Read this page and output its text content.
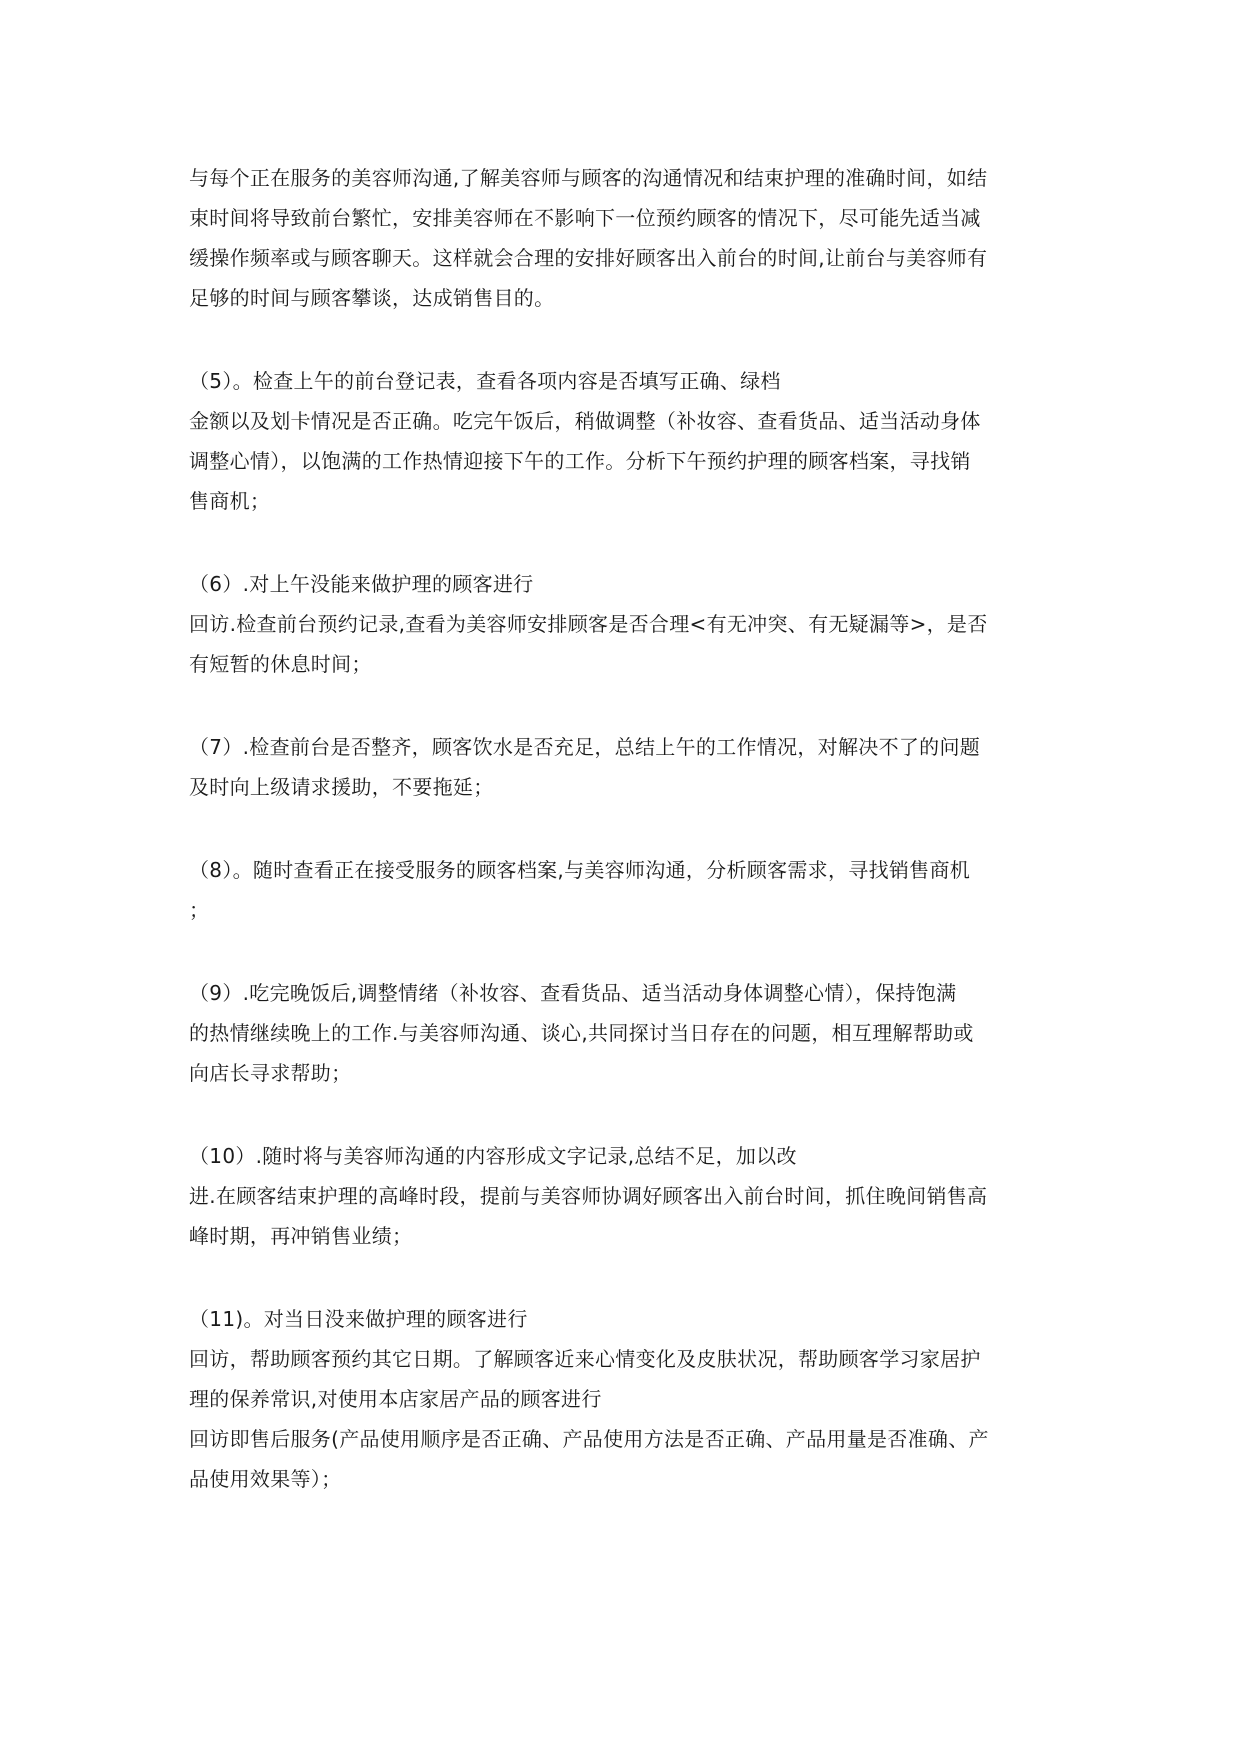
与每个正在服务的美容师沟通,了解美容师与顾客的沟通情况和结束护理的准确时间，如结
束时间将导致前台繁忙，安排美容师在不影响下一位预约顾客的情况下，尽可能先适当减
缓操作频率或与顾客聊天。这样就会合理的安排好顾客出入前台的时间,让前台与美容师有
足够的时间与顾客攀谈，达成销售目的。
（5）。检查上午的前台登记表，查看各项内容是否填写正确、绿档
金额以及划卡情况是否正确。吃完午饭后，稍做调整（补妆容、查看货品、适当活动身体
调整心情），以饱满的工作热情迎接下午的工作。分析下午预约护理的顾客档案，寻找销
售商机；
（6）.对上午没能来做护理的顾客进行
回访.检查前台预约记录,查看为美容师安排顾客是否合理<有无冲突、有无疑漏等>，是否
有短暂的休息时间；
（7）.检查前台是否整齐，顾客饮水是否充足，总结上午的工作情况，对解决不了的问题
及时向上级请求援助，不要拖延；
（8）。随时查看正在接受服务的顾客档案,与美容师沟通，分析顾客需求，寻找销售商机
；
（9）.吃完晚饭后,调整情绪（补妆容、查看货品、适当活动身体调整心情），保持饱满
的热情继续晚上的工作.与美容师沟通、谈心,共同探讨当日存在的问题，相互理解帮助或
向店长寻求帮助；
（10）.随时将与美容师沟通的内容形成文字记录,总结不足，加以改
进.在顾客结束护理的高峰时段，提前与美容师协调好顾客出入前台时间，抓住晚间销售高
峰时期，再冲销售业绩；
（11)。对当日没来做护理的顾客进行
回访，帮助顾客预约其它日期。了解顾客近来心情变化及皮肤状况，帮助顾客学习家居护
理的保养常识,对使用本店家居产品的顾客进行
回访即售后服务(产品使用顺序是否正确、产品使用方法是否正确、产品用量是否准确、产
品使用效果等）；
